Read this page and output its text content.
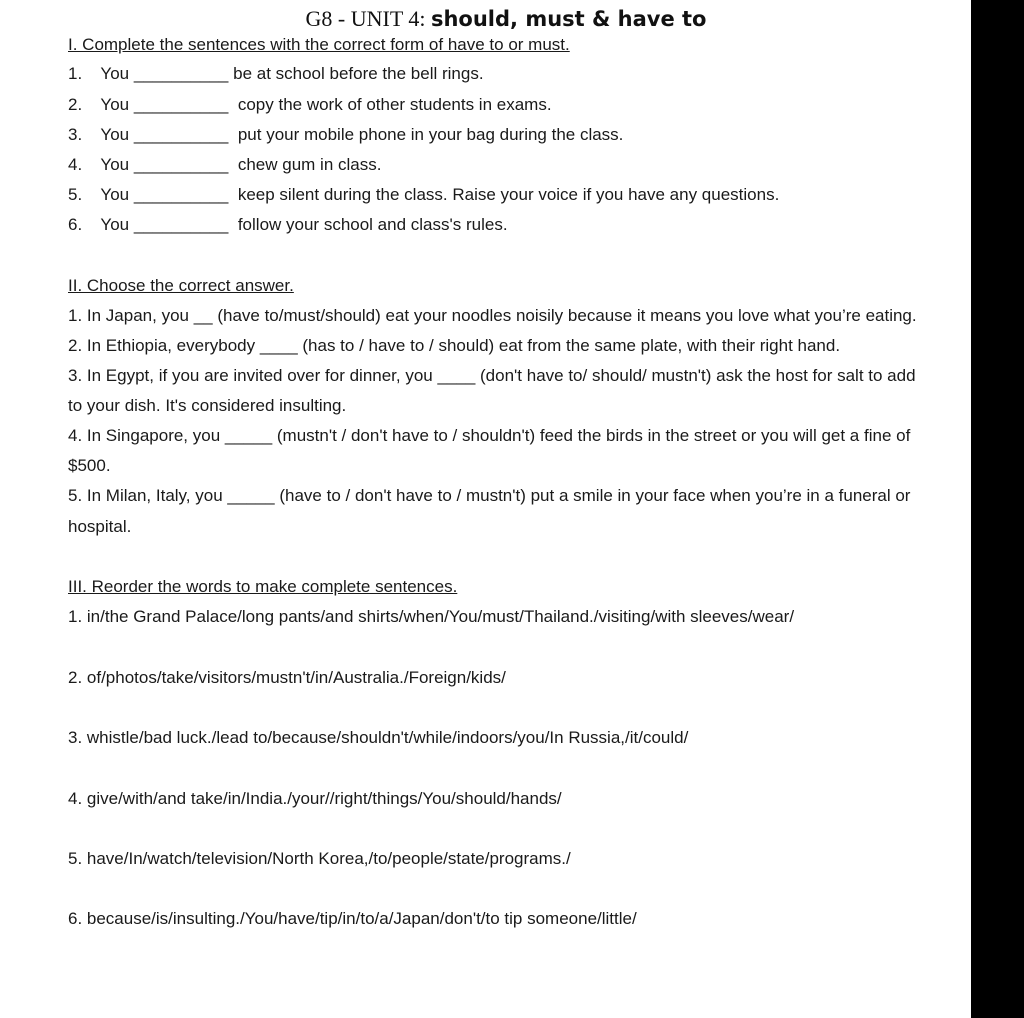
G8 - UNIT 4: should, must & have to
I. Complete the sentences with the correct form of have to or must.
1. You __________ be at school before the bell rings.
2. You __________  copy the work of other students in exams.
3. You __________  put your mobile phone in your bag during the class.
4. You __________  chew gum in class.
5. You __________  keep silent during the class. Raise your voice if you have any questions.
6. You __________  follow your school and class's rules.
II. Choose the correct answer.
1. In Japan, you __ (have to/must/should) eat your noodles noisily because it means you love what you’re eating.
2. In Ethiopia, everybody ____ (has to / have to / should) eat from the same plate, with their right hand.
3. In Egypt, if you are invited over for dinner, you ____ (don't have to/ should/ mustn't) ask the host for salt to add
to your dish. It's considered insulting.
4. In Singapore, you _____ (mustn't / don't have to / shouldn't) feed the birds in the street or you will get a fine of
$500.
5. In Milan, Italy, you _____ (have to / don't have to / mustn't) put a smile in your face when you’re in a funeral or
hospital.
III. Reorder the words to make complete sentences.
1. in/the Grand Palace/long pants/and shirts/when/You/must/Thailand./visiting/with sleeves/wear/
2. of/photos/take/visitors/mustn't/in/Australia./Foreign/kids/
3. whistle/bad luck./lead to/because/shouldn't/while/indoors/you/In Russia,/it/could/
4. give/with/and take/in/India./your//right/things/You/should/hands/
5. have/In/watch/television/North Korea,/to/people/state/programs./
6. because/is/insulting./You/have/tip/in/to/a/Japan/don't/to tip someone/little/
